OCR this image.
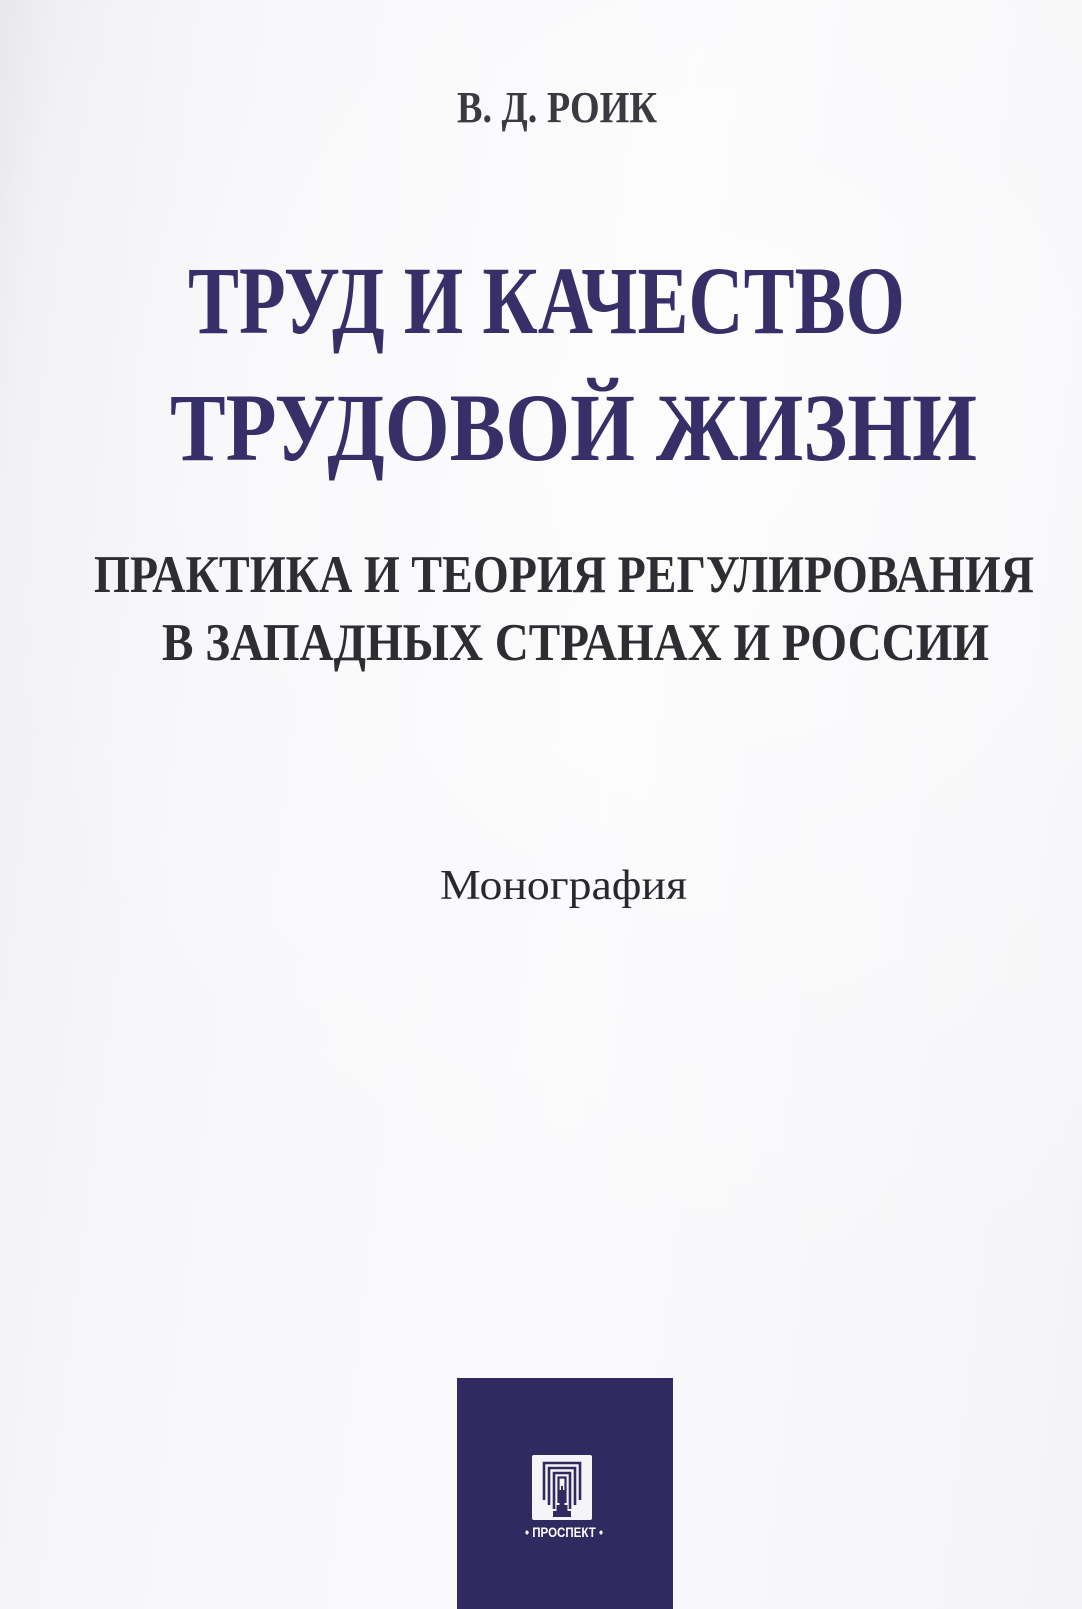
В. Д. РОИК
ТРУД И КАЧЕСТВО
ТРУДОВОЙ ЖИЗНИ
ПРАКТИКА И ТЕОРИЯ РЕГУЛИРОВАНИЯ
В ЗАПАДНЫХ СТРАНАХ И РОССИИ
Монография
• ПРОСПЕКТ •
